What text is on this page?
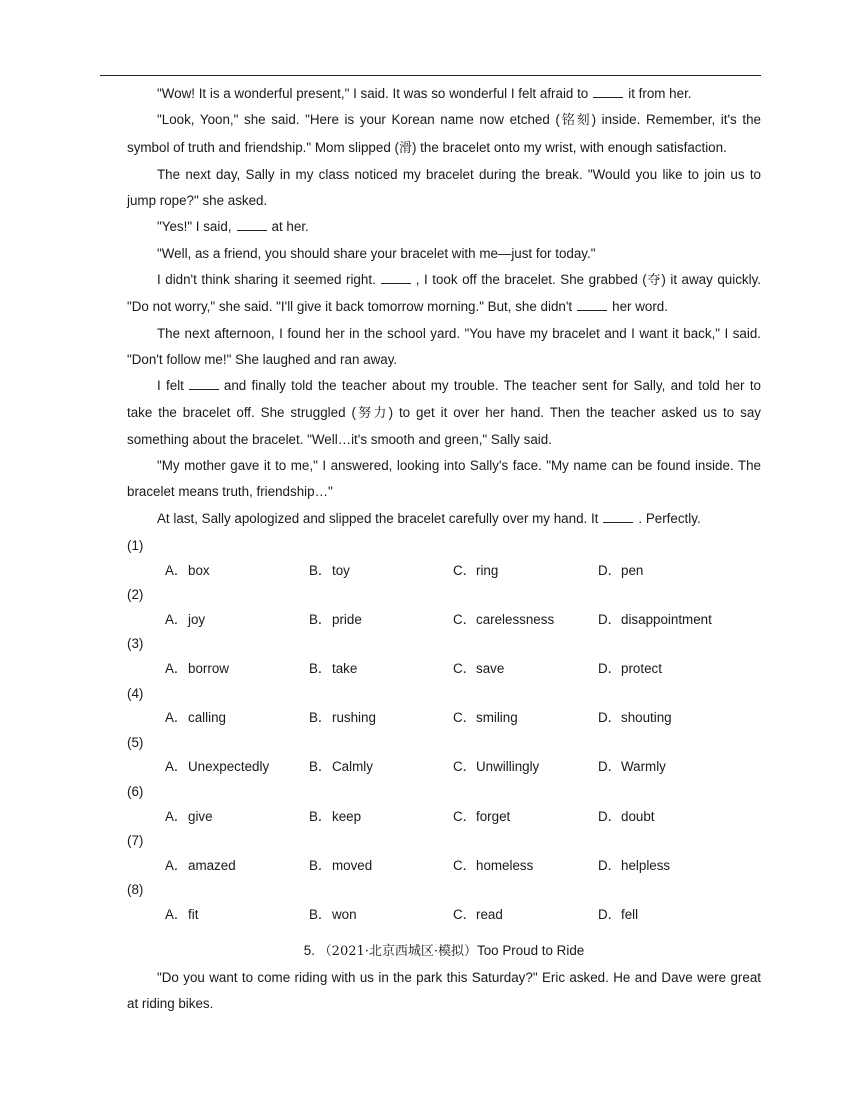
"Wow! It is a wonderful present," I said. It was so wonderful I felt afraid to	it from her.

"Look, Yoon," she said. "Here is your Korean name now etched (铭刻) inside. Remember, it's the symbol of truth and friendship." Mom slipped (滑) the bracelet onto my wrist, with enough satisfaction.

The next day, Sally in my class noticed my bracelet during the break. "Would you like to join us to jump rope?" she asked.

"Yes!" I said,	at her.

"Well, as a friend, you should share your bracelet with me—just for today."

I didn't think sharing it seemed right.	, I took off the bracelet. She grabbed (夺) it away quickly. "Do not worry," she said. "I'll give it back tomorrow morning." But, she didn't	her word.

The next afternoon, I found her in the school yard. "You have my bracelet and I want it back," I said. "Don't follow me!" She laughed and ran away.

I felt	and finally told the teacher about my trouble. The teacher sent for Sally, and told her to take the bracelet off. She struggled (努力) to get it over her hand. Then the teacher asked us to say something about the bracelet. "Well…it's smooth and green," Sally said.

"My mother gave it to me," I answered, looking into Sally's face. "My name can be found inside. The bracelet means truth, friendship…"

At last, Sally apologized and slipped the bracelet carefully over my hand. It	. Perfectly.

(1)
A．box	B．toy	C．ring	D．pen
(2)
A．joy	B．pride	C．carelessness	D．disappointment
(3)
A．borrow	B．take	C．save	D．protect
(4)
A．calling	B．rushing	C．smiling	D．shouting
(5)
A．Unexpectedly	B．Calmly	C．Unwillingly	D．Warmly
(6)
A．give	B．keep	C．forget	D．doubt
(7)
A．amazed	B．moved	C．homeless	D．helpless
(8)
A．fit	B．won	C．read	D．fell
5. （2021·北京西城区·模拟）Too Proud to Ride

"Do you want to come riding with us in the park this Saturday?" Eric asked. He and Dave were great at riding bikes.
